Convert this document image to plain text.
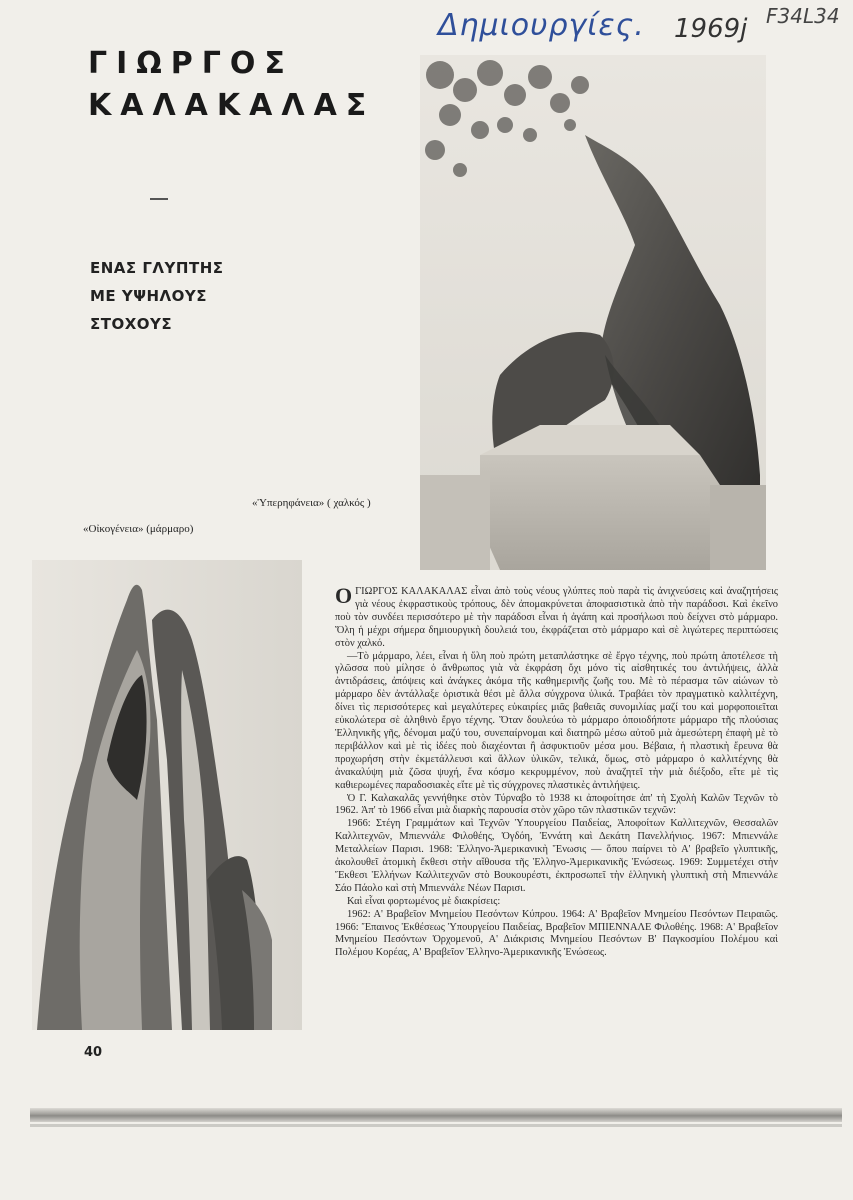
Δημιουργίες. 1969j F34L34
ΓΙΩΡΓΟΣ
ΚΑΛΑΚΑΛΑΣ
ΕΝΑΣ ΓΛΥΠΤΗΣ
ΜΕ ΥΨΗΛΟΥΣ
ΣΤΟΧΟΥΣ
«Ὑπερηφάνεια» ( χαλκός )
«Οἰκογένεια» (μάρμαρο)

ΟΓΙΩΡΓΟΣ ΚΑΛΑΚΑΛΑΣ εἶναι ἀπὸ τοὺς νέους γλύπτες ποὺ παρὰ τὶς ἀνιχνεύσεις καὶ ἀναζητήσεις γιὰ νέους ἐκφραστικοὺς τρόπους, δὲν ἀπομακρύνεται ἀποφασιστικὰ ἀπὸ τὴν παράδοσι. Καὶ ἐκεῖνο ποὺ τὸν συνδέει περισσότερο μὲ τὴν παράδοσι εἶναι ἡ ἀγάπη καὶ προσήλωσι ποὺ δείχνει στὸ μάρμαρο. Ὅλη ἡ μέχρι σήμερα δημιουργικὴ δουλειά του, ἐκφράζεται στὸ μάρμαρο καὶ σὲ λιγώτερες περιπτώσεις στὸν χαλκό.

—Τὸ μάρμαρο, λέει, εἶναι ἡ ὕλη ποὺ πρώτη μεταπλάστηκε σὲ ἔργο τέχνης, ποὺ πρώτη ἀποτέλεσε τὴ γλῶσσα ποὺ μίλησε ὁ ἄνθρωπος γιὰ νὰ ἐκφράση ὄχι μόνο τὶς αἰσθητικές του ἀντιλήψεις, ἀλλὰ ἀντιδράσεις, ἀπόψεις καὶ ἀνάγκες ἀκόμα τῆς καθημερινῆς ζωῆς του. Μὲ τὸ πέρασμα τῶν αἰώνων τὸ μάρμαρο δὲν ἀντάλλαξε ὁριστικὰ θέσι μὲ ἄλλα σύγχρονα ὑλικά. Τραβάει τὸν πραγματικὸ καλλιτέχνη, δίνει τὶς περισσότερες καὶ μεγαλύτερες εὐκαιρίες μιᾶς βαθειᾶς συνομιλίας μαζί του καὶ μορφοποιεῖται εὐκολώτερα σὲ ἀληθινὸ ἔργο τέχνης. Ὅταν δουλεύω τὸ μάρμαρο ὁποιοδήποτε μάρμαρο τῆς πλούσιας Ἑλληνικῆς γῆς, δένομαι μαζύ του, συνεπαίρνομαι καὶ διατηρῶ μέσω αὐτοῦ μιὰ ἀμεσώτερη ἐπαφὴ μὲ τὸ περιβάλλον καὶ μὲ τὶς ἰδέες ποὺ διαχέονται ἢ ἀσφυκτιοῦν μέσα μου. Βέβαια, ἡ πλαστικὴ ἔρευνα θὰ προχωρήση στὴν ἐκμετάλλευσι καὶ ἄλλων ὑλικῶν, τελικά, ὅμως, στὸ μάρμαρο ὁ καλλιτέχνης θὰ ἀνακαλύψη μιὰ ζῶσα ψυχή, ἕνα κόσμο κεκρυμμένον, ποὺ ἀναζητεῖ τὴν μιὰ διέξοδο, εἴτε μὲ τὶς καθιερωμένες παραδοσιακὲς εἴτε μὲ τὶς σύγχρονες πλαστικὲς ἀντιλήψεις.

Ὁ Γ. Καλακαλᾶς γεννήθηκε στὸν Τύρναβο τὸ 1938 κι ἀποφοίτησε ἀπ' τὴ Σχολὴ Καλῶν Τεχνῶν τὸ 1962. Ἀπ' τὸ 1966 εἶναι μιὰ διαρκὴς παρουσία στὸν χῶρο τῶν πλαστικῶν τεχνῶν:

1966: Στέγη Γραμμάτων καὶ Τεχνῶν Ὑπουργείου Παιδείας, Ἀποφοίτων Καλλιτεχνῶν, Θεσσαλῶν Καλλιτεχνῶν, Μπιεννάλε Φιλοθέης, Ὀγδόη, Ἐννάτη καὶ Δεκάτη Πανελλήνιος. 1967: Μπιεννάλε Μεταλλείων Παρισι. 1968: Ἑλληνο-Ἀμερικανικὴ Ἕνωσις — ὅπου παίρνει τὸ Α' βραβεῖο γλυπτικῆς, ἀκολουθεῖ ἀτομικὴ ἔκθεσι στὴν αἴθουσα τῆς Ἑλληνο-Ἀμερικανικῆς Ἑνώσεως. 1969: Συμμετέχει στὴν Ἔκθεσι Ἑλλήνων Καλλιτεχνῶν στὸ Βουκουρέστι, ἐκπροσωπεῖ τὴν ἑλληνικὴ γλυπτικὴ στὴ Μπιεννάλε Σάο Πάολο καὶ στὴ Μπιεννάλε Νέων Παρισι.

Καὶ εἶναι φορτωμένος μὲ διακρίσεις:

1962: Α' Βραβεῖον Μνημείου Πεσόντων Κύπρου. 1964: Α' Βραβεῖον Μνημείου Πεσόντων Πειραιῶς. 1966: Ἔπαινος Ἐκθέσεως Ὑπουργείου Παιδείας, Βραβεῖον ΜΠΙΕΝΝΑΛΕ Φιλοθέης. 1968: Α' Βραβεῖον Μνημείου Πεσόντων Ὀρχομενοῦ, Α' Διάκρισις Μνημείου Πεσόντων Β' Παγκοσμίου Πολέμου καὶ Πολέμου Κορέας, Α' Βραβεῖον Ἑλληνο-Ἀμερικανικῆς Ἑνώσεως.

40
